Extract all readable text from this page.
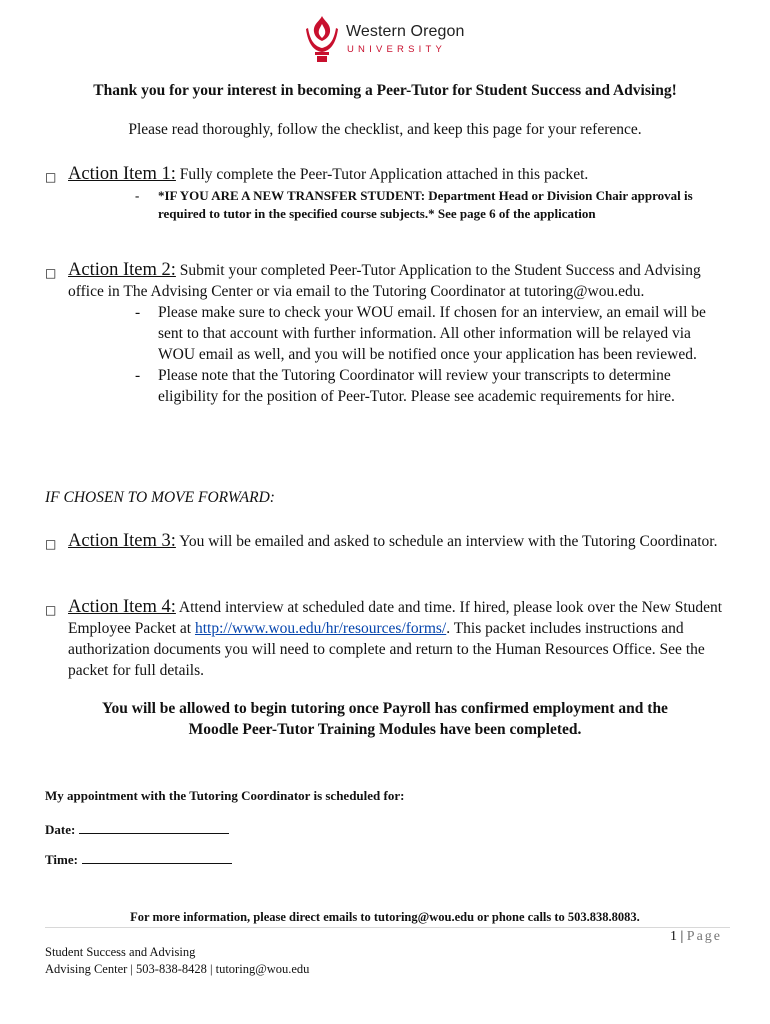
Western Oregon
UNIVERSITY
Thank you for your interest in becoming a Peer-Tutor for Student Success and Advising!
Please read thoroughly, follow the checklist, and keep this page for your reference.
□ Action Item 1: Fully complete the Peer-Tutor Application attached in this packet.
- *IF YOU ARE A NEW TRANSFER STUDENT: Department Head or Division Chair approval is required to tutor in the specified course subjects.* See page 6 of the application
□ Action Item 2: Submit your completed Peer-Tutor Application to the Student Success and Advising office in The Advising Center or via email to the Tutoring Coordinator at tutoring@wou.edu.
- Please make sure to check your WOU email. If chosen for an interview, an email will be sent to that account with further information. All other information will be relayed via WOU email as well, and you will be notified once your application has been reviewed.
- Please note that the Tutoring Coordinator will review your transcripts to determine eligibility for the position of Peer-Tutor. Please see academic requirements for hire.
IF CHOSEN TO MOVE FORWARD:
□ Action Item 3: You will be emailed and asked to schedule an interview with the Tutoring Coordinator.
□ Action Item 4: Attend interview at scheduled date and time. If hired, please look over the New Student Employee Packet at http://www.wou.edu/hr/resources/forms/. This packet includes instructions and authorization documents you will need to complete and return to the Human Resources Office. See the packet for full details.
You will be allowed to begin tutoring once Payroll has confirmed employment and the
Moodle Peer-Tutor Training Modules have been completed.
My appointment with the Tutoring Coordinator is scheduled for:
Date:
Time:
For more information, please direct emails to tutoring@wou.edu or phone calls to 503.838.8083.
1 | Page
Student Success and Advising
Advising Center | 503-838-8428 | tutoring@wou.edu
